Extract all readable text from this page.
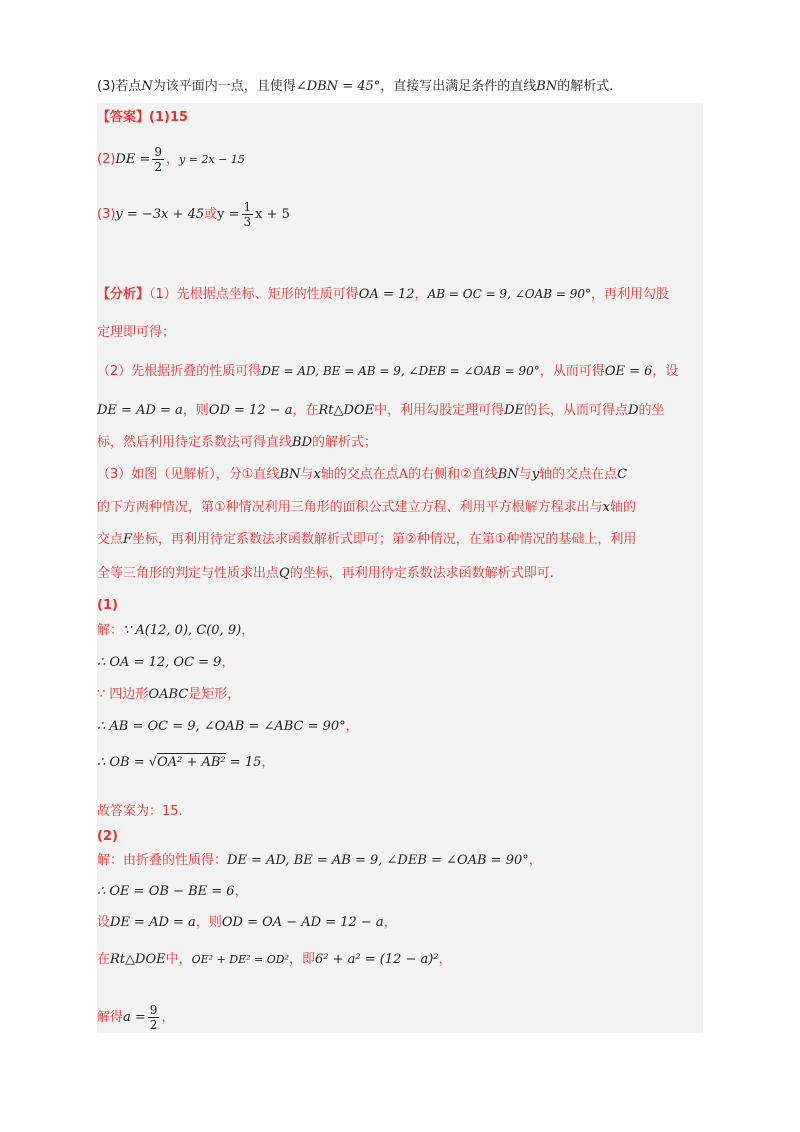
(3)若点N为该平面内一点，且使得∠DBN = 45°，直接写出满足条件的直线BN的解析式.
【答案】(1)15
$(2)DE = \frac{9}{2}$ ，y = 2x − 15
(3)y = −3x + 45或$y = \frac{1}{3}$ x + 5
【分析】（1）先根据点坐标、矩形的性质可得OA = 12，AB = OC = 9, ∠OAB = 90°，再利用勾股
定理即可得；
（2）先根据折叠的性质可得DE = AD, BE = AB = 9, ∠DEB = ∠OAB = 90°，从而可得OE = 6，设
DE = AD = a，则OD = 12 − a，在Rt△DOE中，利用勾股定理可得DE的长，从而可得点D的坐
标，然后利用待定系数法可得直线BD的解析式；
（3）如图（见解析），分①直线BN与x轴的交点在点A的右侧和②直线BN与y轴的交点在点C
的下方两种情况，第①种情况利用三角形的面积公式建立方程、利用平方根解方程求出与x轴的
交点F坐标，再利用待定系数法求函数解析式即可；第②种情况，在第①种情况的基础上，利用
全等三角形的判定与性质求出点Q的坐标，再利用待定系数法求函数解析式即可.
(1)
解：∵ A(12, 0), C(0, 9)，
∴ OA = 12, OC = 9，
∵ 四边形OABC是矩形，
∴ AB = OC = 9, ∠OAB = ∠ABC = 90°，
∴ OB = √OA² + AB² = 15，
故答案为：15.
(2)
解：由折叠的性质得：DE = AD, BE = AB = 9, ∠DEB = ∠OAB = 90°，
∴ OE = OB − BE = 6，
设DE = AD = a，则OD = OA − AD = 12 − a，
在Rt△DOE中，OE² + DE² = OD²，即6² + a² = (12 − a)²，
解得$a = \frac{9}{2}$ ，
